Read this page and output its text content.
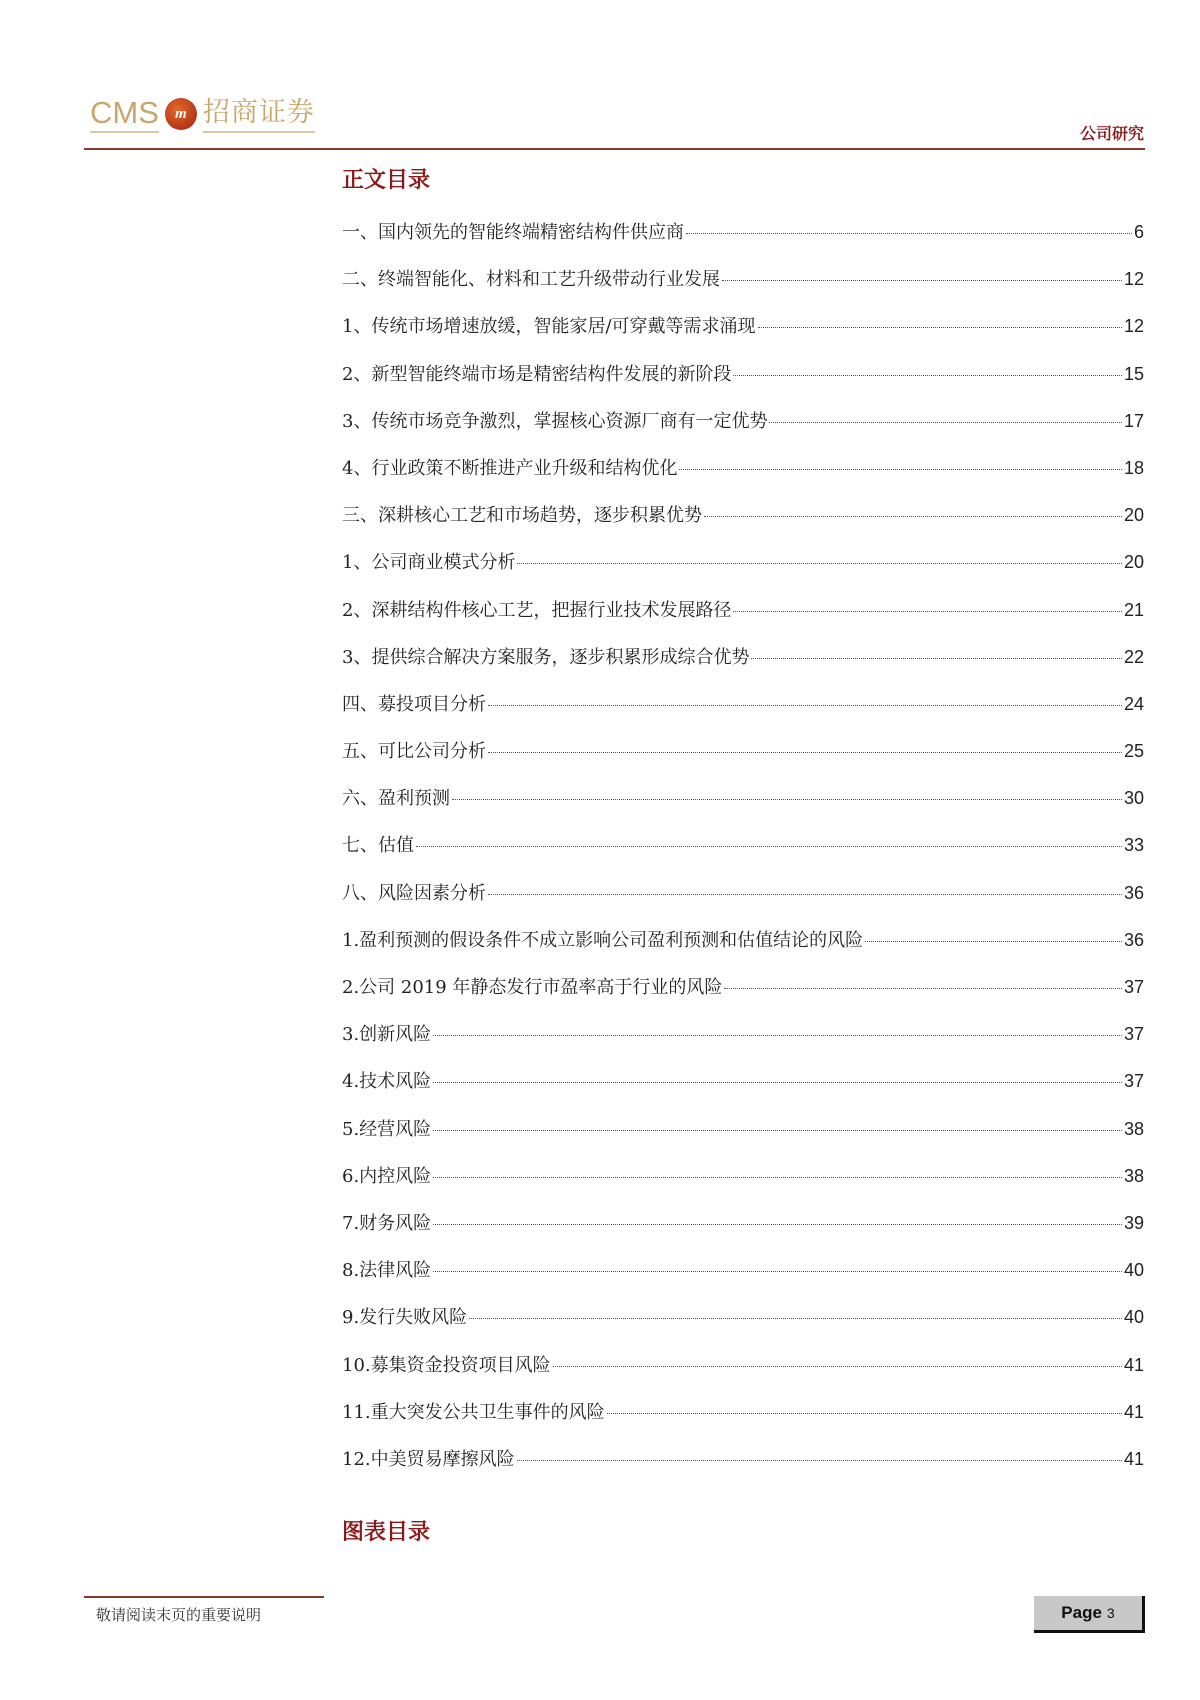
CMS	m 招商证券
公司研究
正文目录
一、国内领先的智能终端精密结构件供应商	6
二、终端智能化、材料和工艺升级带动行业发展	12
1、传统市场增速放缓，智能家居/可穿戴等需求涌现	12
2、新型智能终端市场是精密结构件发展的新阶段	15
3、传统市场竞争激烈，掌握核心资源厂商有一定优势	17
4、行业政策不断推进产业升级和结构优化	18
三、深耕核心工艺和市场趋势，逐步积累优势	20
1、公司商业模式分析	20
2、深耕结构件核心工艺，把握行业技术发展路径	21
3、提供综合解决方案服务，逐步积累形成综合优势	22
四、募投项目分析	24
五、可比公司分析	25
六、盈利预测	30
七、估值	33
八、风险因素分析	36
1.盈利预测的假设条件不成立影响公司盈利预测和估值结论的风险	36
2.公司 2019 年静态发行市盈率高于行业的风险	37
3.创新风险	37
4.技术风险	37
5.经营风险	38
6.内控风险	38
7.财务风险	39
8.法律风险	40
9.发行失败风险	40
10.募集资金投资项目风险	41
11.重大突发公共卫生事件的风险	41
12.中美贸易摩擦风险	41
图表目录
敬请阅读末页的重要说明	Page 3
